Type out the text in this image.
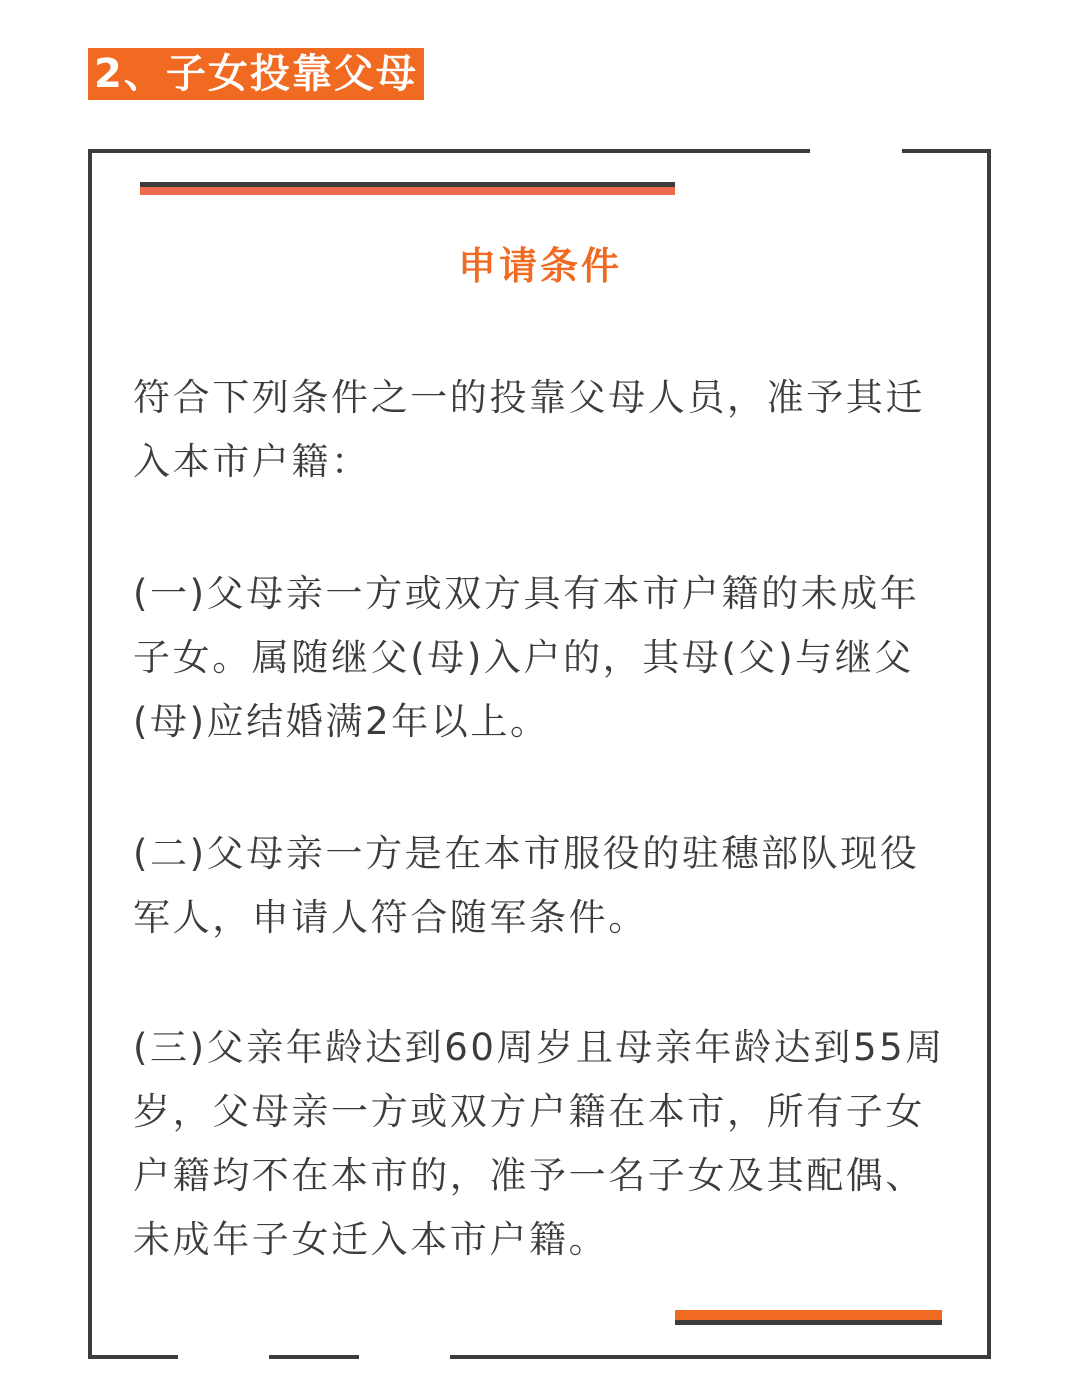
2、子女投靠父母
申请条件

符合下列条件之一的投靠父母人员，准予其迁入本市户籍：

(一)父母亲一方或双方具有本市户籍的未成年子女。属随继父(母)入户的，其母(父)与继父(母)应结婚满2年以上。

(二)父母亲一方是在本市服役的驻穗部队现役军人，申请人符合随军条件。

(三)父亲年龄达到60周岁且母亲年龄达到55周岁，父母亲一方或双方户籍在本市，所有子女户籍均不在本市的，准予一名子女及其配偶、未成年子女迁入本市户籍。
